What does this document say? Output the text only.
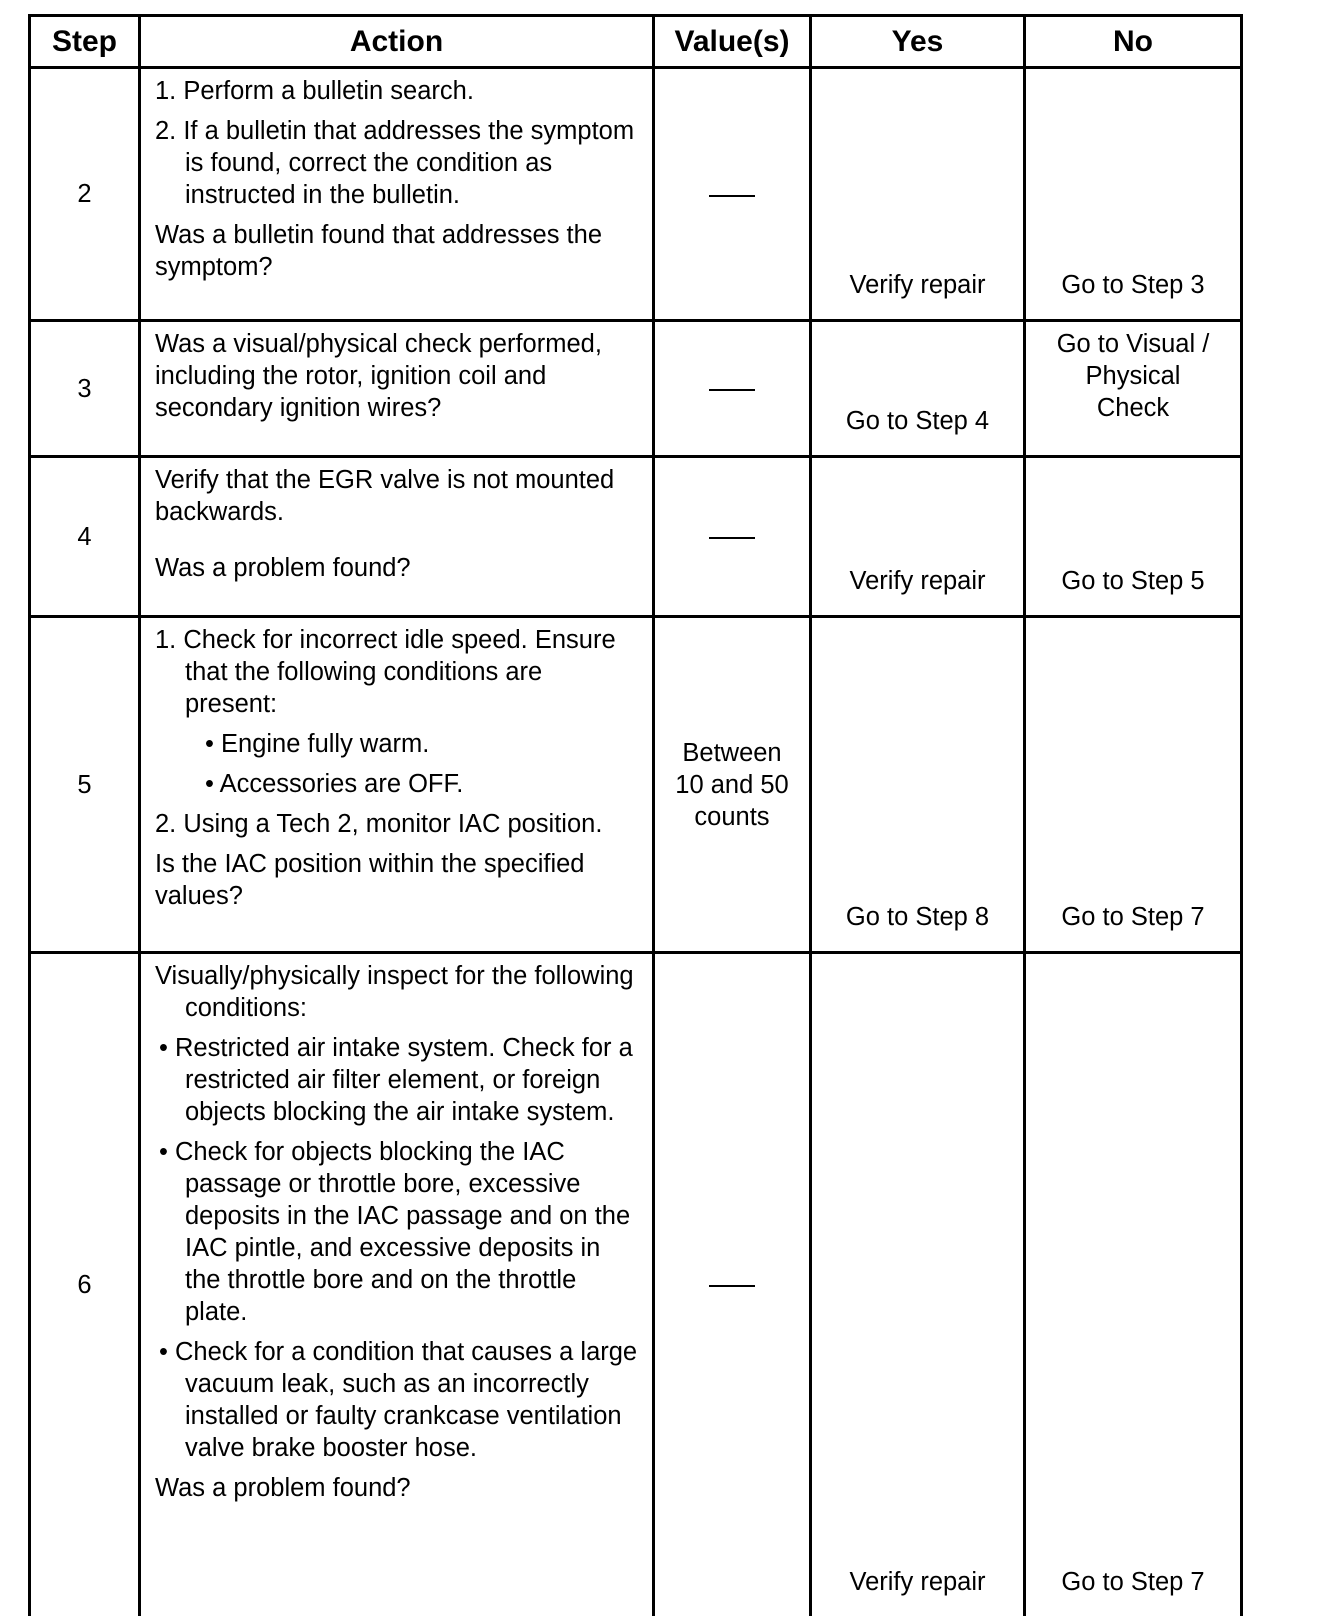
Step	Action	Value(s)	Yes	No
2	1. Perform a bulletin search.
2. If a bulletin that addresses the symptom is found, correct the condition as instructed in the bulletin.
Was a bulletin found that addresses the symptom?		Verify repair	Go to Step 3
3	Was a visual/physical check performed, including the rotor, ignition coil and secondary ignition wires?		Go to Step 4	Go to Visual / Physical Check
4	Verify that the EGR valve is not mounted backwards.
Was a problem found?		Verify repair	Go to Step 5
5	1. Check for incorrect idle speed. Ensure that the following conditions are present:
• Engine fully warm.
• Accessories are OFF.
2. Using a Tech 2, monitor IAC position.
Is the IAC position within the specified values?	Between 10 and 50 counts	Go to Step 8	Go to Step 7
6	Visually/physically inspect for the following conditions:
• Restricted air intake system. Check for a restricted air filter element, or foreign objects blocking the air intake system.
• Check for objects blocking the IAC passage or throttle bore, excessive deposits in the IAC passage and on the IAC pintle, and excessive deposits in the throttle bore and on the throttle plate.
• Check for a condition that causes a large vacuum leak, such as an incorrectly installed or faulty crankcase ventilation valve brake booster hose.
Was a problem found?		Verify repair	Go to Step 7
